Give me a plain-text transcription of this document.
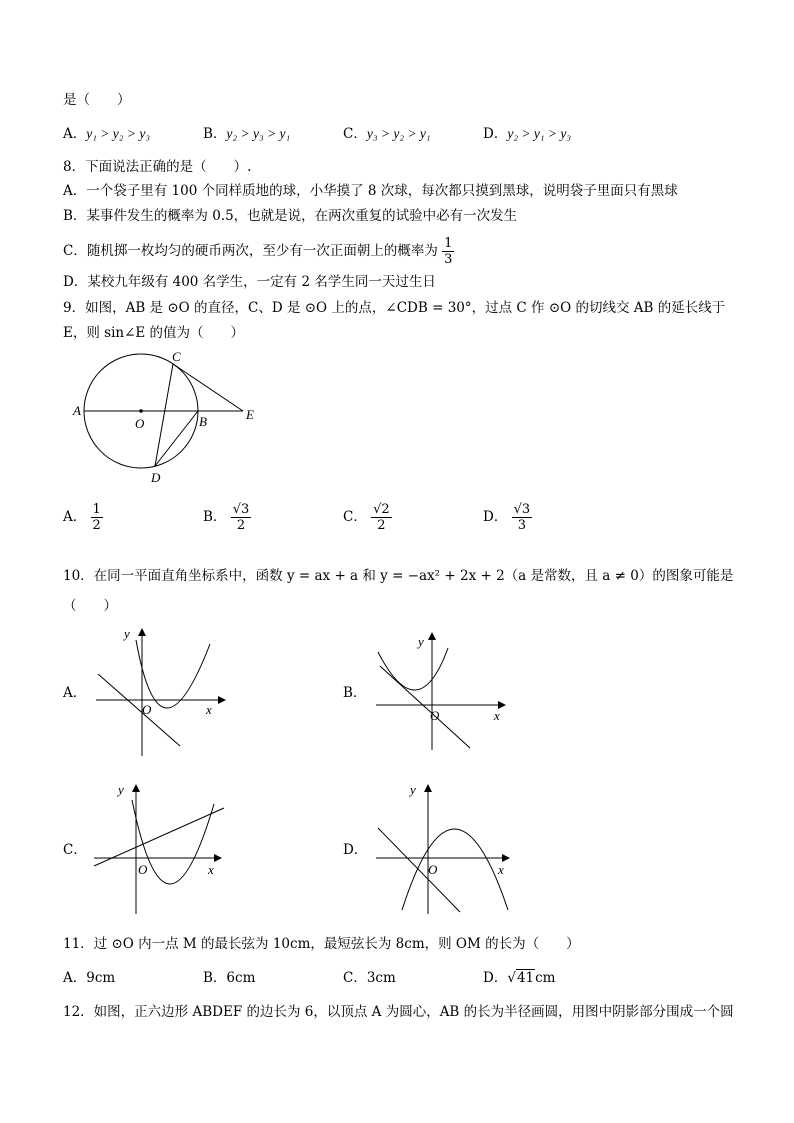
是（　　）
A．y₁ > y₂ > y₃	B．y₂ > y₃ > y₁	C．y₃ > y₂ > y₁	D．y₂ > y₁ > y₃
8．下面说法正确的是（　　）.
A．一个袋子里有 100 个同样质地的球，小华摸了 8 次球，每次都只摸到黑球，说明袋子里面只有黑球
B．某事件发生的概率为 0.5，也就是说，在两次重复的试验中必有一次发生
C．随机掷一枚均匀的硬币两次，至少有一次正面朝上的概率为 $\frac{1}{3}$
D．某校九年级有 400 名学生，一定有 2 名学生同一天过生日
9．如图，AB 是 ⊙O 的直径，C、D 是 ⊙O 上的点，∠CDB = 30°，过点 C 作 ⊙O 的切线交 AB 的延长线于
E，则 sin∠E 的值为（　　）
A
O	B
C
D
E
A． $\frac{1}{2}$	B． $\frac{√3}{2}$	C． $\frac{√2}{2}$	D． $\frac{√3}{3}$
10．在同一平面直角坐标系中，函数 y = ax + a 和 y = −ax² + 2x + 2（a 是常数，且 a ≠ 0）的图象可能是
（　　）
A．
y
O	x
B．
y
O	x
C．
y
O	x
D．
y
O	x
11．过 ⊙O 内一点 M 的最长弦为 10cm，最短弦长为 8cm，则 OM 的长为（　　）
A．9cm	B．6cm	C．3cm	D．√41cm
12．如图，正六边形 ABDEF 的边长为 6，以顶点 A 为圆心，AB 的长为半径画圆，用图中阴影部分围成一个圆
